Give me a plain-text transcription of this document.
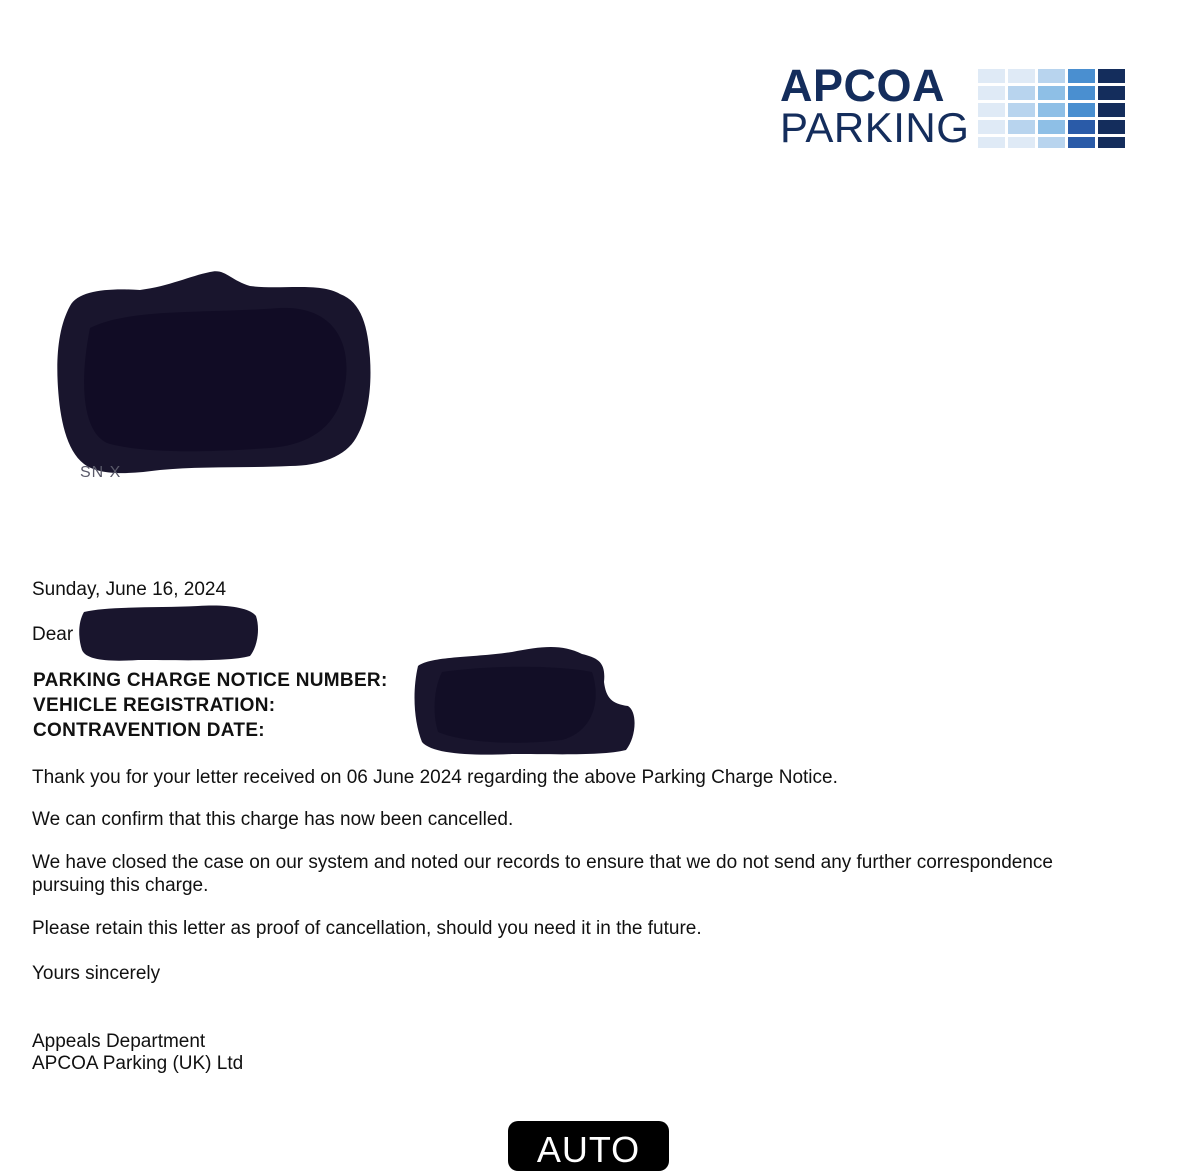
APCOA
PARKING
SN X
Sunday, June 16, 2024
Dear
PARKING CHARGE NOTICE NUMBER:
VEHICLE REGISTRATION:
CONTRAVENTION DATE:
Thank you for your letter received on 06 June 2024 regarding the above Parking Charge Notice.
We can confirm that this charge has now been cancelled.
We have closed the case on our system and noted our records to ensure that we do not send any further correspondence pursuing this charge.
Please retain this letter as proof of cancellation, should you need it in the future.
Yours sincerely
Appeals Department
APCOA Parking (UK) Ltd
AUTO
